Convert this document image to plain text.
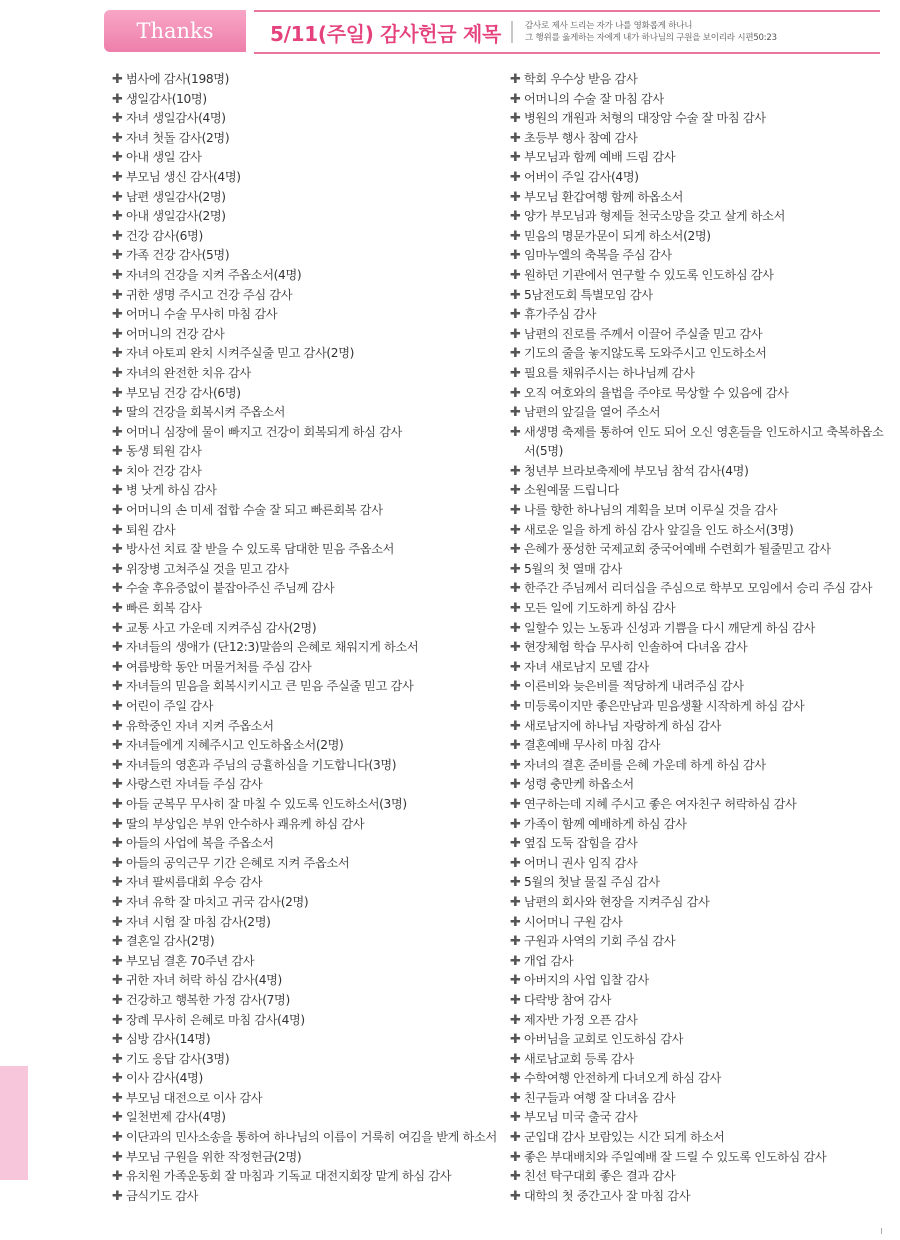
Thanks	5/11(주일) 감사헌금 제목	감사로 제사 드리는 자가 나를 영화롭게 하나니
그 행위를 옳게하는 자에게 내가 하나님의 구원을 보이리라 시편50:23
✚ 범사에 감사(198명)
✚ 생일감사(10명)
✚ 자녀 생일감사(4명)
✚ 자녀 첫돌 감사(2명)
✚ 아내 생일 감사
✚ 부모님 생신 감사(4명)
✚ 남편 생일감사(2명)
✚ 아내 생일감사(2명)
✚ 건강 감사(6명)
✚ 가족 건강 감사(5명)
✚ 자녀의 건강을 지켜 주옵소서(4명)
✚ 귀한 생명 주시고 건강 주심 감사
✚ 어머니 수술 무사히 마침 감사
✚ 어머니의 건강 감사
✚ 자녀 아토피 완치 시켜주실줄 믿고 감사(2명)
✚ 자녀의 완전한 치유 감사
✚ 부모님 건강 감사(6명)
✚ 딸의 건강을 회복시켜 주옵소서
✚ 어머니 심장에 물이 빠지고 건강이 회복되게 하심 감사
✚ 동생 퇴원 감사
✚ 치아 건강 감사
✚ 병 낫게 하심 감사
✚ 어머니의 손 미세 접합 수술 잘 되고 빠른회복 감사
✚ 퇴원 감사
✚ 방사선 치료 잘 받을 수 있도록 담대한 믿음 주옵소서
✚ 위장병 고쳐주실 것을 믿고 감사
✚ 수술 후유증없이 붙잡아주신 주님께 감사
✚ 빠른 회복 감사
✚ 교통 사고 가운데 지켜주심 감사(2명)
✚ 자녀들의 생애가 (단12:3)말씀의 은혜로 채워지게 하소서
✚ 여름방학 동안 머물거처를 주심 감사
✚ 자녀들의 믿음을 회복시키시고 큰 믿음 주실줄 믿고 감사
✚ 어린이 주일 감사
✚ 유학중인 자녀 지켜 주옵소서
✚ 자녀들에게 지혜주시고 인도하옵소서(2명)
✚ 자녀들의 영혼과 주님의 긍휼하심을 기도합니다(3명)
✚ 사랑스런 자녀들 주심 감사
✚ 아들 군복무 무사히 잘 마칠 수 있도록 인도하소서(3명)
✚ 딸의 부상입은 부위 안수하사 쾌유케 하심 감사
✚ 아들의 사업에 복을 주옵소서
✚ 아들의 공익근무 기간 은혜로 지켜 주옵소서
✚ 자녀 팔씨름대회 우승 감사
✚ 자녀 유학 잘 마치고 귀국 감사(2명)
✚ 자녀 시험 잘 마침 감사(2명)
✚ 결혼일 감사(2명)
✚ 부모님 결혼 70주년 감사
✚ 귀한 자녀 허락 하심 감사(4명)
✚ 건강하고 행복한 가정 감사(7명)
✚ 장례 무사히 은혜로 마침 감사(4명)
✚ 심방 감사(14명)
✚ 기도 응답 감사(3명)
✚ 이사 감사(4명)
✚ 부모님 대전으로 이사 감사
✚ 일천번제 감사(4명)
✚ 이단과의 민사소송을 통하여 하나님의 이름이 거룩히 여김을 받게 하소서
✚ 부모님 구원을 위한 작정헌금(2명)
✚ 유치원 가족운동회 잘 마침과 기독교 대전지회장 맡게 하심 감사
✚ 금식기도 감사
✚ 학회 우수상 받음 감사
✚ 어머니의 수술 잘 마침 감사
✚ 병원의 개원과 처형의 대장암 수술 잘 마침 감사
✚ 초등부 행사 참예 감사
✚ 부모님과 함께 예배 드림 감사
✚ 어버이 주일 감사(4명)
✚ 부모님 환갑여행 함께 하옵소서
✚ 양가 부모님과 형제들 천국소망을 갖고 살게 하소서
✚ 믿음의 명문가문이 되게 하소서(2명)
✚ 임마누엘의 축복을 주심 감사
✚ 원하던 기관에서 연구할 수 있도록 인도하심 감사
✚ 5남전도회 특별모임 감사
✚ 휴가주심 감사
✚ 남편의 진로를 주께서 이끌어 주실줄 믿고 감사
✚ 기도의 줄을 놓지않도록 도와주시고 인도하소서
✚ 필요를 채워주시는 하나님께 감사
✚ 오직 여호와의 율법을 주야로 묵상할 수 있음에 감사
✚ 남편의 앞길을 열어 주소서
✚ 새생명 축제를 통하여 인도 되어 오신 영혼들을 인도하시고 축복하옵소서(5명)
✚ 청년부 브라보축제에 부모님 참석 감사(4명)
✚ 소원예물 드립니다
✚ 나를 향한 하나님의 계획을 보며 이루실 것을 감사
✚ 새로운 일을 하게 하심 감사 앞길을 인도 하소서(3명)
✚ 은혜가 풍성한 국제교회 중국어예배 수련회가 될줄믿고 감사
✚ 5월의 첫 열매 감사
✚ 한주간 주님께서 리더십을 주심으로 학부모 모임에서 승리 주심 감사
✚ 모든 일에 기도하게 하심 감사
✚ 일할수 있는 노동과 신성과 기쁨을 다시 깨닫게 하심 감사
✚ 현장체험 학습 무사히 인솔하여 다녀옴 감사
✚ 자녀 새로남지 모델 감사
✚ 이른비와 늦은비를 적당하게 내려주심 감사
✚ 미등록이지만 좋은만남과 믿음생활 시작하게 하심 감사
✚ 새로남지에 하나님 자랑하게 하심 감사
✚ 결혼예배 무사히 마침 감사
✚ 자녀의 결혼 준비를 은혜 가운데 하게 하심 감사
✚ 성령 충만케 하옵소서
✚ 연구하는데 지혜 주시고 좋은 여자친구 허락하심 감사
✚ 가족이 함께 예배하게 하심 감사
✚ 옆집 도둑 잡힘을 감사
✚ 어머니 권사 임직 감사
✚ 5월의 첫날 물질 주심 감사
✚ 남편의 회사와 현장을 지켜주심 감사
✚ 시어머니 구원 감사
✚ 구원과 사역의 기회 주심 감사
✚ 개업 감사
✚ 아버지의 사업 입찰 감사
✚ 다락방 참여 감사
✚ 제자반 가정 오픈 감사
✚ 아버님을 교회로 인도하심 감사
✚ 새로남교회 등록 감사
✚ 수학여행 안전하게 다녀오게 하심 감사
✚ 친구들과 여행 잘 다녀옴 감사
✚ 부모님 미국 출국 감사
✚ 군입대 감사 보람있는 시간 되게 하소서
✚ 좋은 부대배치와 주일예배 잘 드릴 수 있도록 인도하심 감사
✚ 친선 탁구대회 좋은 결과 감사
✚ 대학의 첫 중간고사 잘 마침 감사
